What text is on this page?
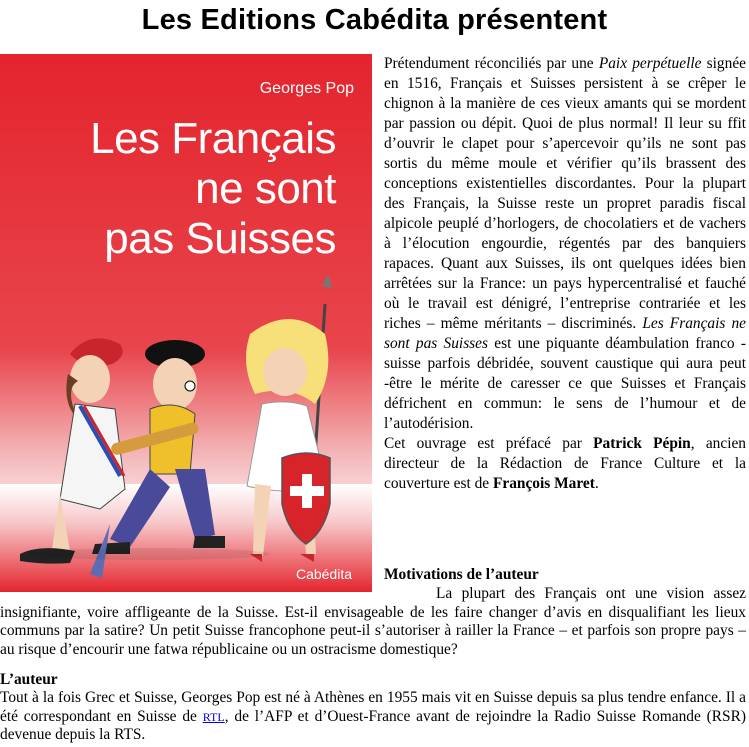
Les Editions Cabédita présentent
Georges Pop
Les Français
ne sont
pas Suisses
Cabédita

Prétendument réconciliés par une Paix perpétuelle signée en 1516, Français et Suisses persistent à se crêper le chignon à la manière de ces vieux amants qui se mordent par passion ou dépit. Quoi de plus normal! Il leur su ffit d’ouvrir le clapet pour s’apercevoir qu’ils ne sont pas sortis du même moule et vérifier qu’ils brassent des conceptions existentielles discordantes. Pour la plupart des Français, la Suisse reste un propret paradis fiscal alpicole peuplé d’horlogers, de chocolatiers et de vachers à l’élocution engourdie, régentés par des banquiers rapaces. Quant aux Suisses, ils ont quelques idées bien arrêtées sur la France: un pays hypercentralisé et fauché où le travail est dénigré, l’entreprise contrariée et les riches – même méritants – discriminés. Les Français ne sont pas Suisses est une piquante déambulation franco -suisse parfois débridée, souvent caustique qui aura peut -être le mérite de caresser ce que Suisses et Français défrichent en commun: le sens de l’humour et de l’autodérision.

Cet ouvrage est préfacé par Patrick Pépin, ancien directeur de la Rédaction de France Culture et la couverture est de François Maret.

Motivations de l’auteur
La plupart des Français ont une vision assez insignifiante, voire affligeante de la Suisse. Est-il envisageable de les faire changer d’avis en disqualifiant les lieux communs par la satire? Un petit Suisse francophone peut-il s’autoriser à railler la France – et parfois son propre pays – au risque d’encourir une fatwa républicaine ou un ostracisme domestique?
L’auteur
Tout à la fois Grec et Suisse, Georges Pop est né à Athènes en 1955 mais vit en Suisse depuis sa plus tendre enfance. Il a été correspondant en Suisse de RTL, de l’AFP et d’Ouest-France avant de rejoindre la Radio Suisse Romande (RSR) devenue depuis la RTS.
